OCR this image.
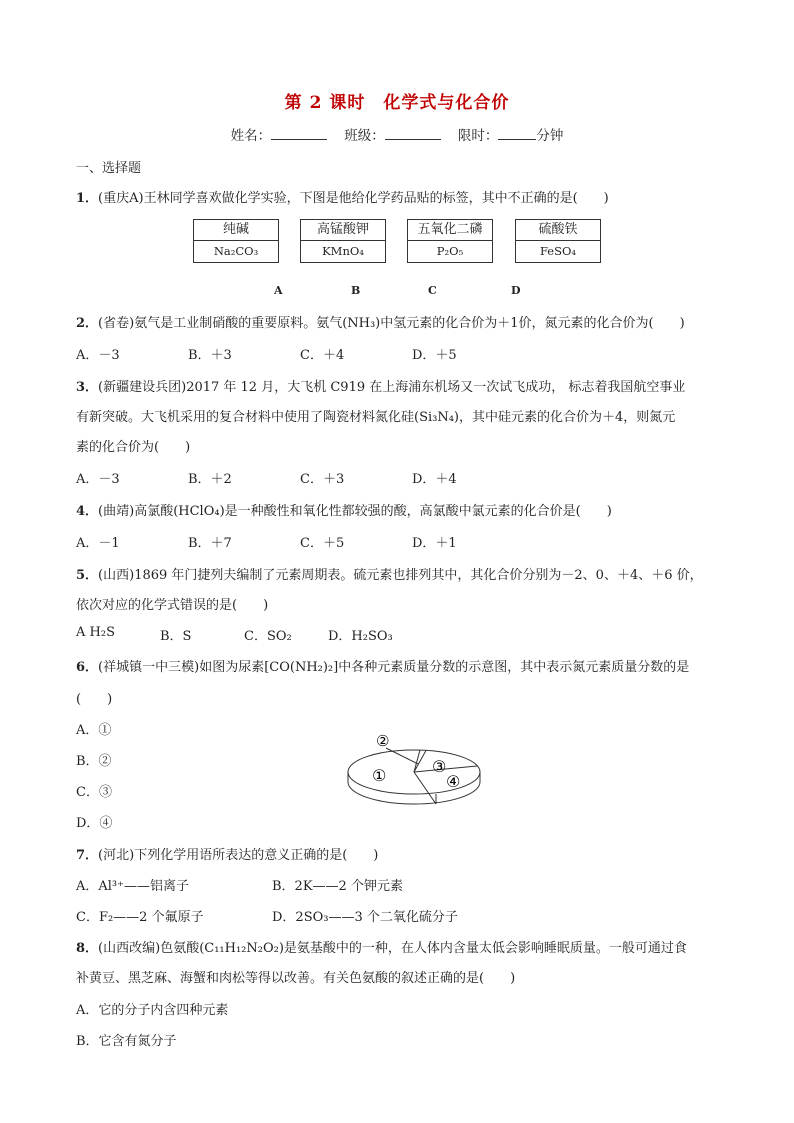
第 2 课时　化学式与化合价
姓名：	班级：	限时：	分钟
一、选择题
1．(重庆A)王林同学喜欢做化学实验，下图是他给化学药品贴的标签，其中不正确的是(　　)
纯碱
Na₂CO₃
高锰酸钾
KMnO₄
五氧化二磷
P₂O₅
硫酸铁
FeSO₄
A	B	C	D
2．(省卷)氨气是工业制硝酸的重要原料。氨气(NH₃)中氢元素的化合价为＋1价，氮元素的化合价为(　　)
A．－3	B．＋3	C．＋4	D．＋5
3．(新疆建设兵团)2017 年 12 月，大飞机 C919 在上海浦东机场又一次试飞成功， 标志着我国航空事业
有新突破。大飞机采用的复合材料中使用了陶瓷材料氮化硅(Si₃N₄)，其中硅元素的化合价为＋4，则氮元
素的化合价为(　　)
A．－3	B．＋2	C．＋3	D．＋4
4．(曲靖)高氯酸(HClO₄)是一种酸性和氧化性都较强的酸，高氯酸中氯元素的化合价是(　　)
A．－1	B．＋7	C．＋5	D．＋1
5．(山西)1869 年门捷列夫编制了元素周期表。硫元素也排列其中，其化合价分别为－2、0、＋4、＋6 价，
依次对应的化学式错误的是(　　)
A H₂S	B．S	C．SO₂	D．H₂SO₃
6．(祥城镇一中三模)如图为尿素[CO(NH₂)₂]中各种元素质量分数的示意图，其中表示氮元素质量分数的是
(　　)
A．①
B．②
C．③
D．④
②
①	③
④
7．(河北)下列化学用语所表达的意义正确的是(　　)
A．Al³⁺——铝离子	B．2K——2 个钾元素
C．F₂——2 个氟原子	D．2SO₃——3 个二氧化硫分子
8．(山西改编)色氨酸(C₁₁H₁₂N₂O₂)是氨基酸中的一种，在人体内含量太低会影响睡眠质量。一般可通过食
补黄豆、黑芝麻、海蟹和肉松等得以改善。有关色氨酸的叙述正确的是(　　)
A．它的分子内含四种元素
B．它含有氮分子
